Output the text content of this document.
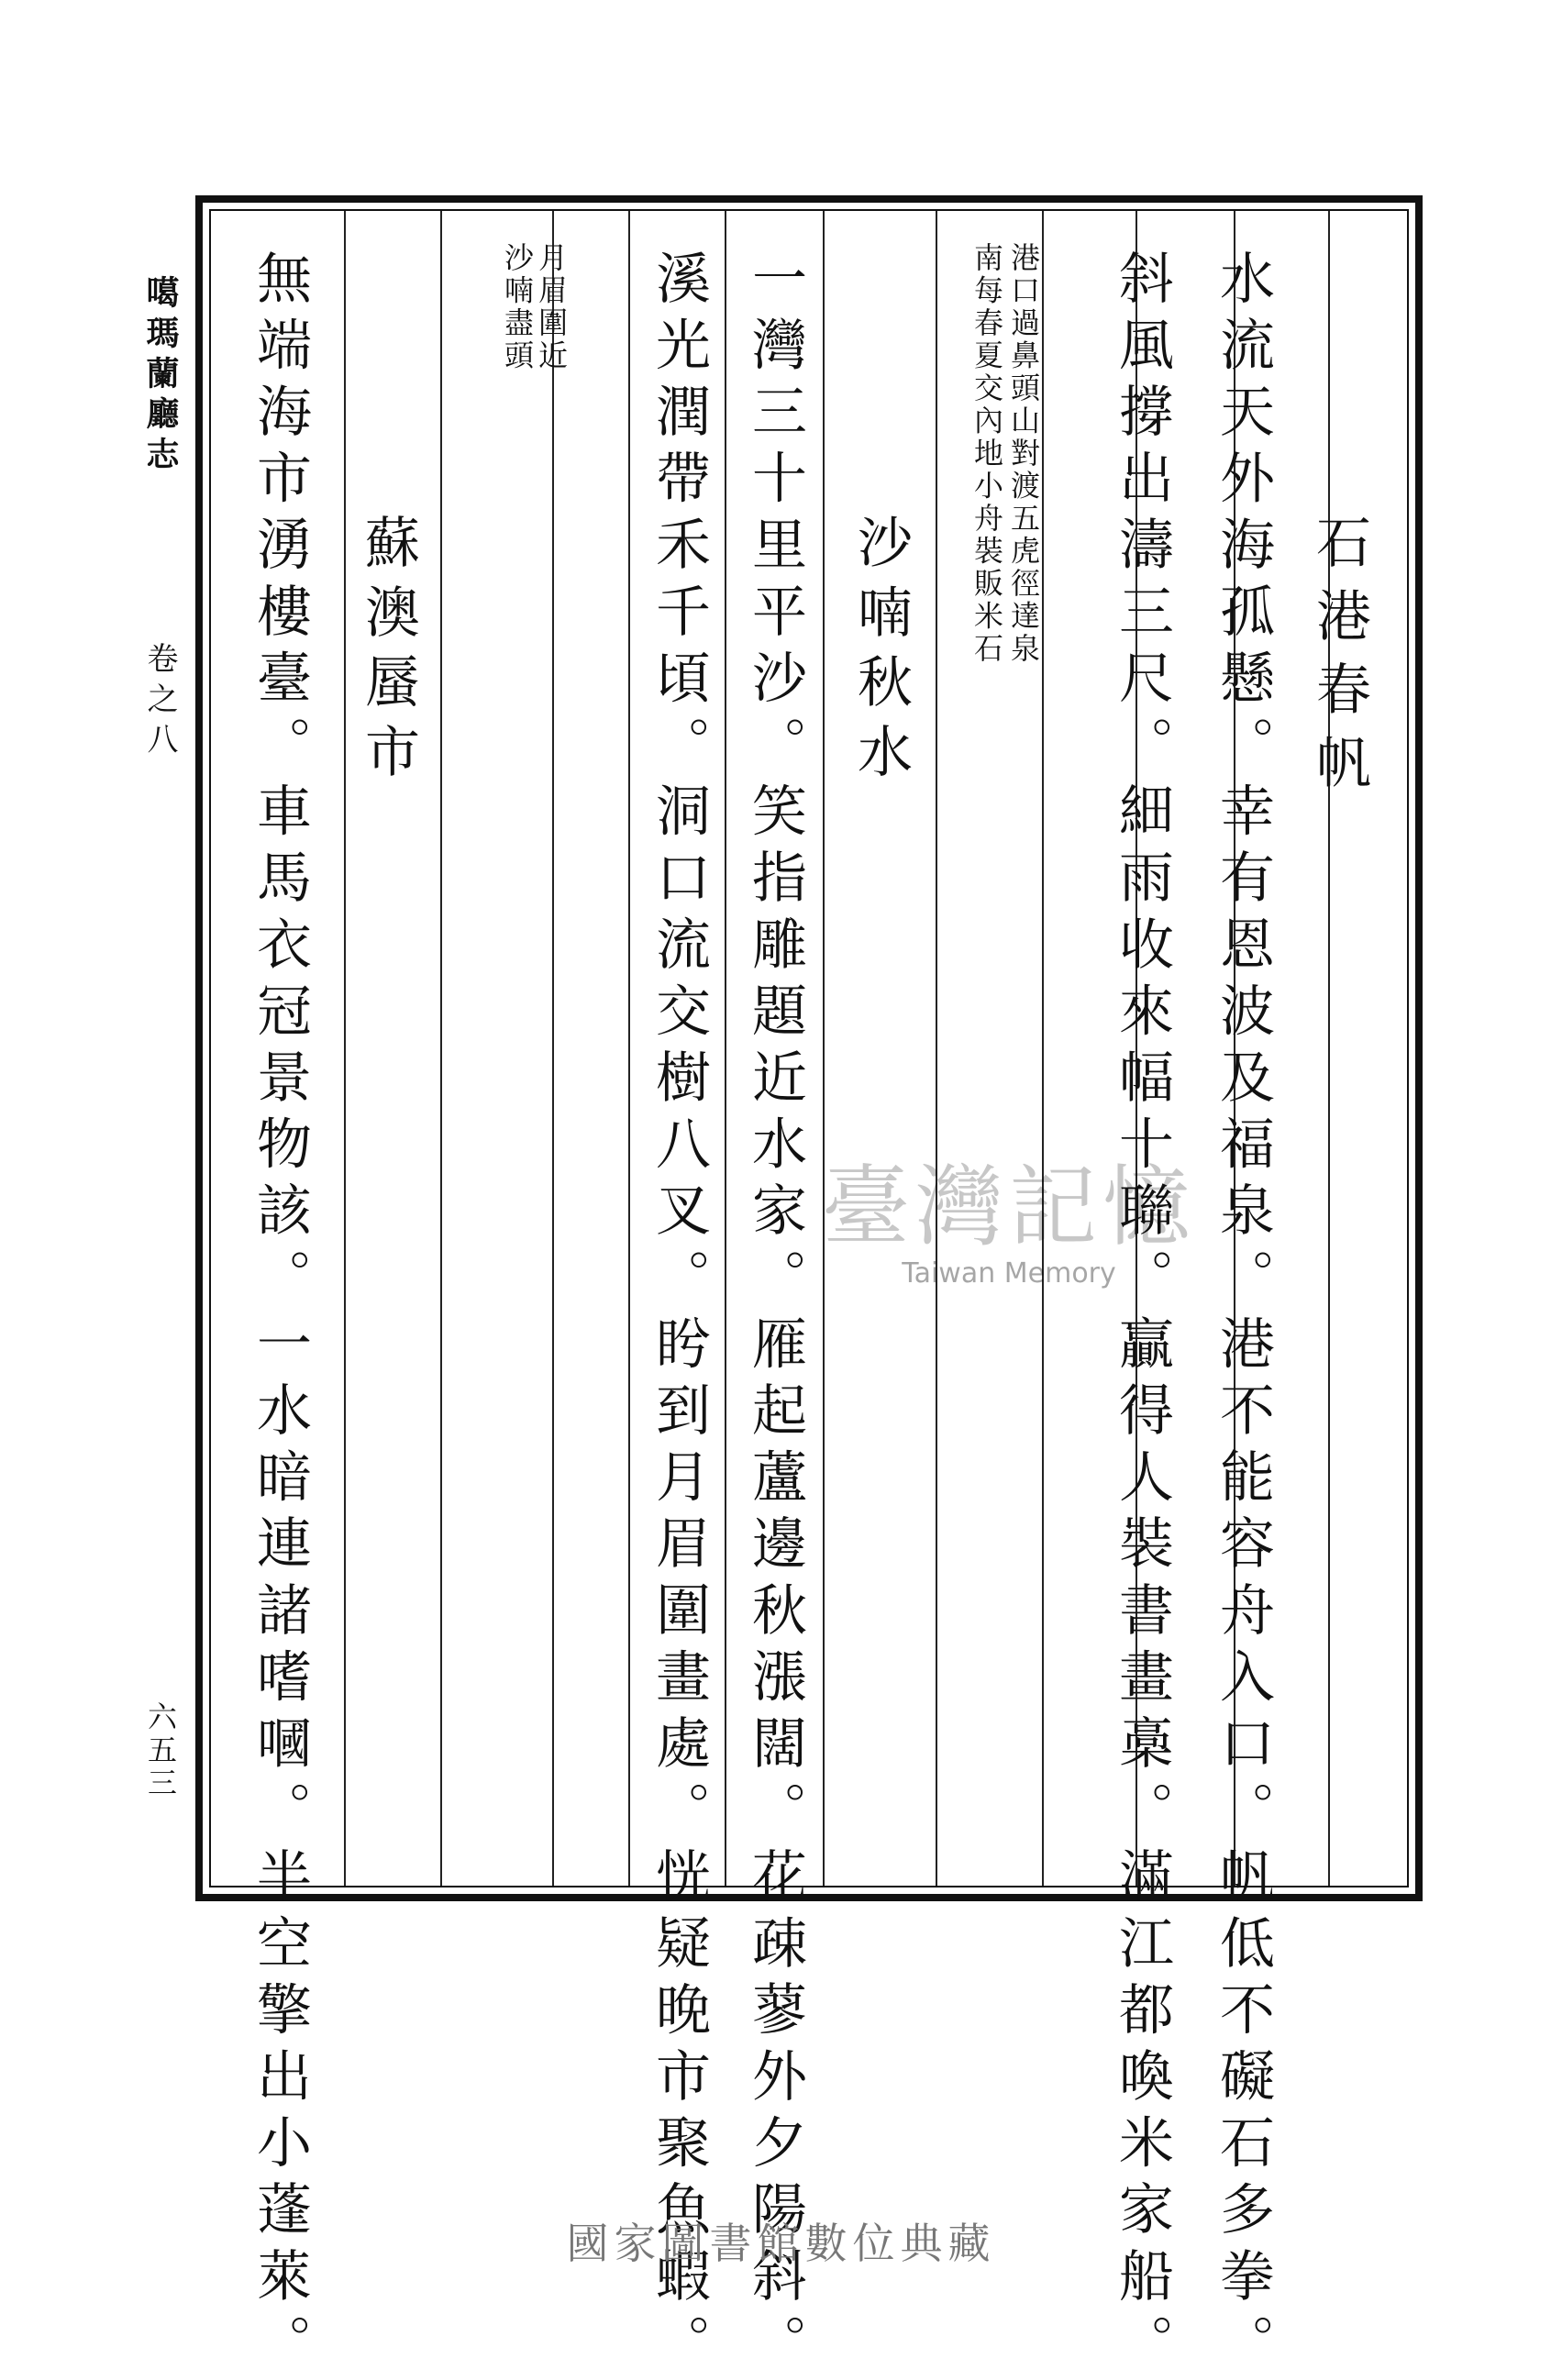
噶瑪蘭廳志
卷之八
六五三
石港春帆
水流天外海孤懸。幸有恩波及福泉。港不能容舟入口。帆低不礙石多拳。
斜風撐出濤三尺。細雨收來幅十聯。贏得人裝書畫槀。滿江都喚米家船。
港口過鼻頭山對渡五虎徑達泉
南每春夏交內地小舟裝販米石
沙喃秋水
一灣三十里平沙。笑指雕題近水家。雁起蘆邊秋漲闊。花疎蓼外夕陽斜。
溪光潤帶禾千頃。洞口流交樹八叉。盻到月眉圍畫處。恍疑晚市聚魚蝦。
月眉圍近
沙喃盡頭
蘇澳蜃市
無端海市湧樓臺。車馬衣冠景物該。一水暗連諸嗜嘓。半空擎出小蓬萊。	臺灣記憶
Taiwan Memory
國家圖書館數位典藏
